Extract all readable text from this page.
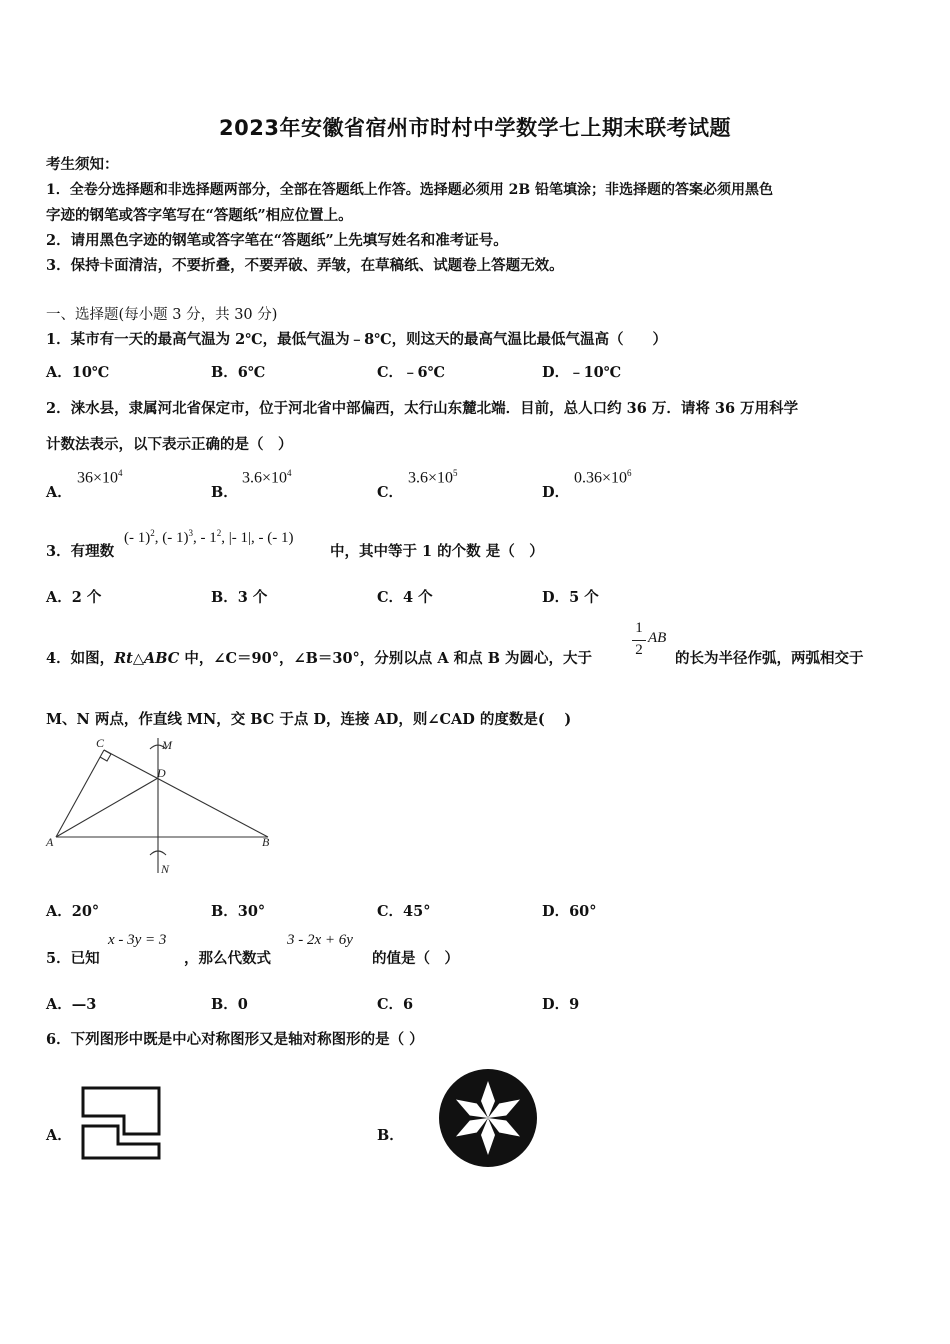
2023年安徽省宿州市时村中学数学七上期末联考试题
考生须知：
1．全卷分选择题和非选择题两部分，全部在答题纸上作答。选择题必须用 2B 铅笔填涂；非选择题的答案必须用黑色
字迹的钢笔或答字笔写在“答题纸”相应位置上。
2．请用黑色字迹的钢笔或答字笔在“答题纸”上先填写姓名和准考证号。
3．保持卡面清洁，不要折叠，不要弄破、弄皱，在草稿纸、试题卷上答题无效。
一、选择题(每小题 3 分，共 30 分)
1．某市有一天的最高气温为 2℃，最低气温为﹣8℃，则这天的最高气温比最低气温高（　　）
A．10℃	B．6℃	C．﹣6℃	D．﹣10℃
2．涞水县，隶属河北省保定市，位于河北省中部偏西，太行山东麓北端．目前，总人口约 36 万．请将 36 万用科学
计数法表示，以下表示正确的是（　）
A．
$36\times 10^4$
B．
$3.6\times 10^4$
C．
$3.6\times 10^5$
D．
$0.36\times 10^6$
3．有理数
(- 1)$^2$, (- 1)$^3$, - $1^2$, |- 1|, - (- 1)
中，其中等于 1 的个数 是（　）
A．2 个	B．3 个	C．4 个	D．5 个
4．如图，Rt△ABC 中，∠C＝90°，∠B＝30°，分别以点 A 和点 B 为圆心，大于
1
2
AB
的长为半径作弧，两弧相交于
M、N 两点，作直线 MN，交 BC 于点 D，连接 AD，则∠CAD 的度数是(　 )
C	M
D
A	B
N
A．20°	B．30°	C．45°	D．60°
5．已知
x - 3y = 3
，那么代数式
3 - 2x + 6y
的值是（　）
A．—3	B．0	C．6	D．9
6．下列图形中既是中心对称图形又是轴对称图形的是（ ）
A．	B．
